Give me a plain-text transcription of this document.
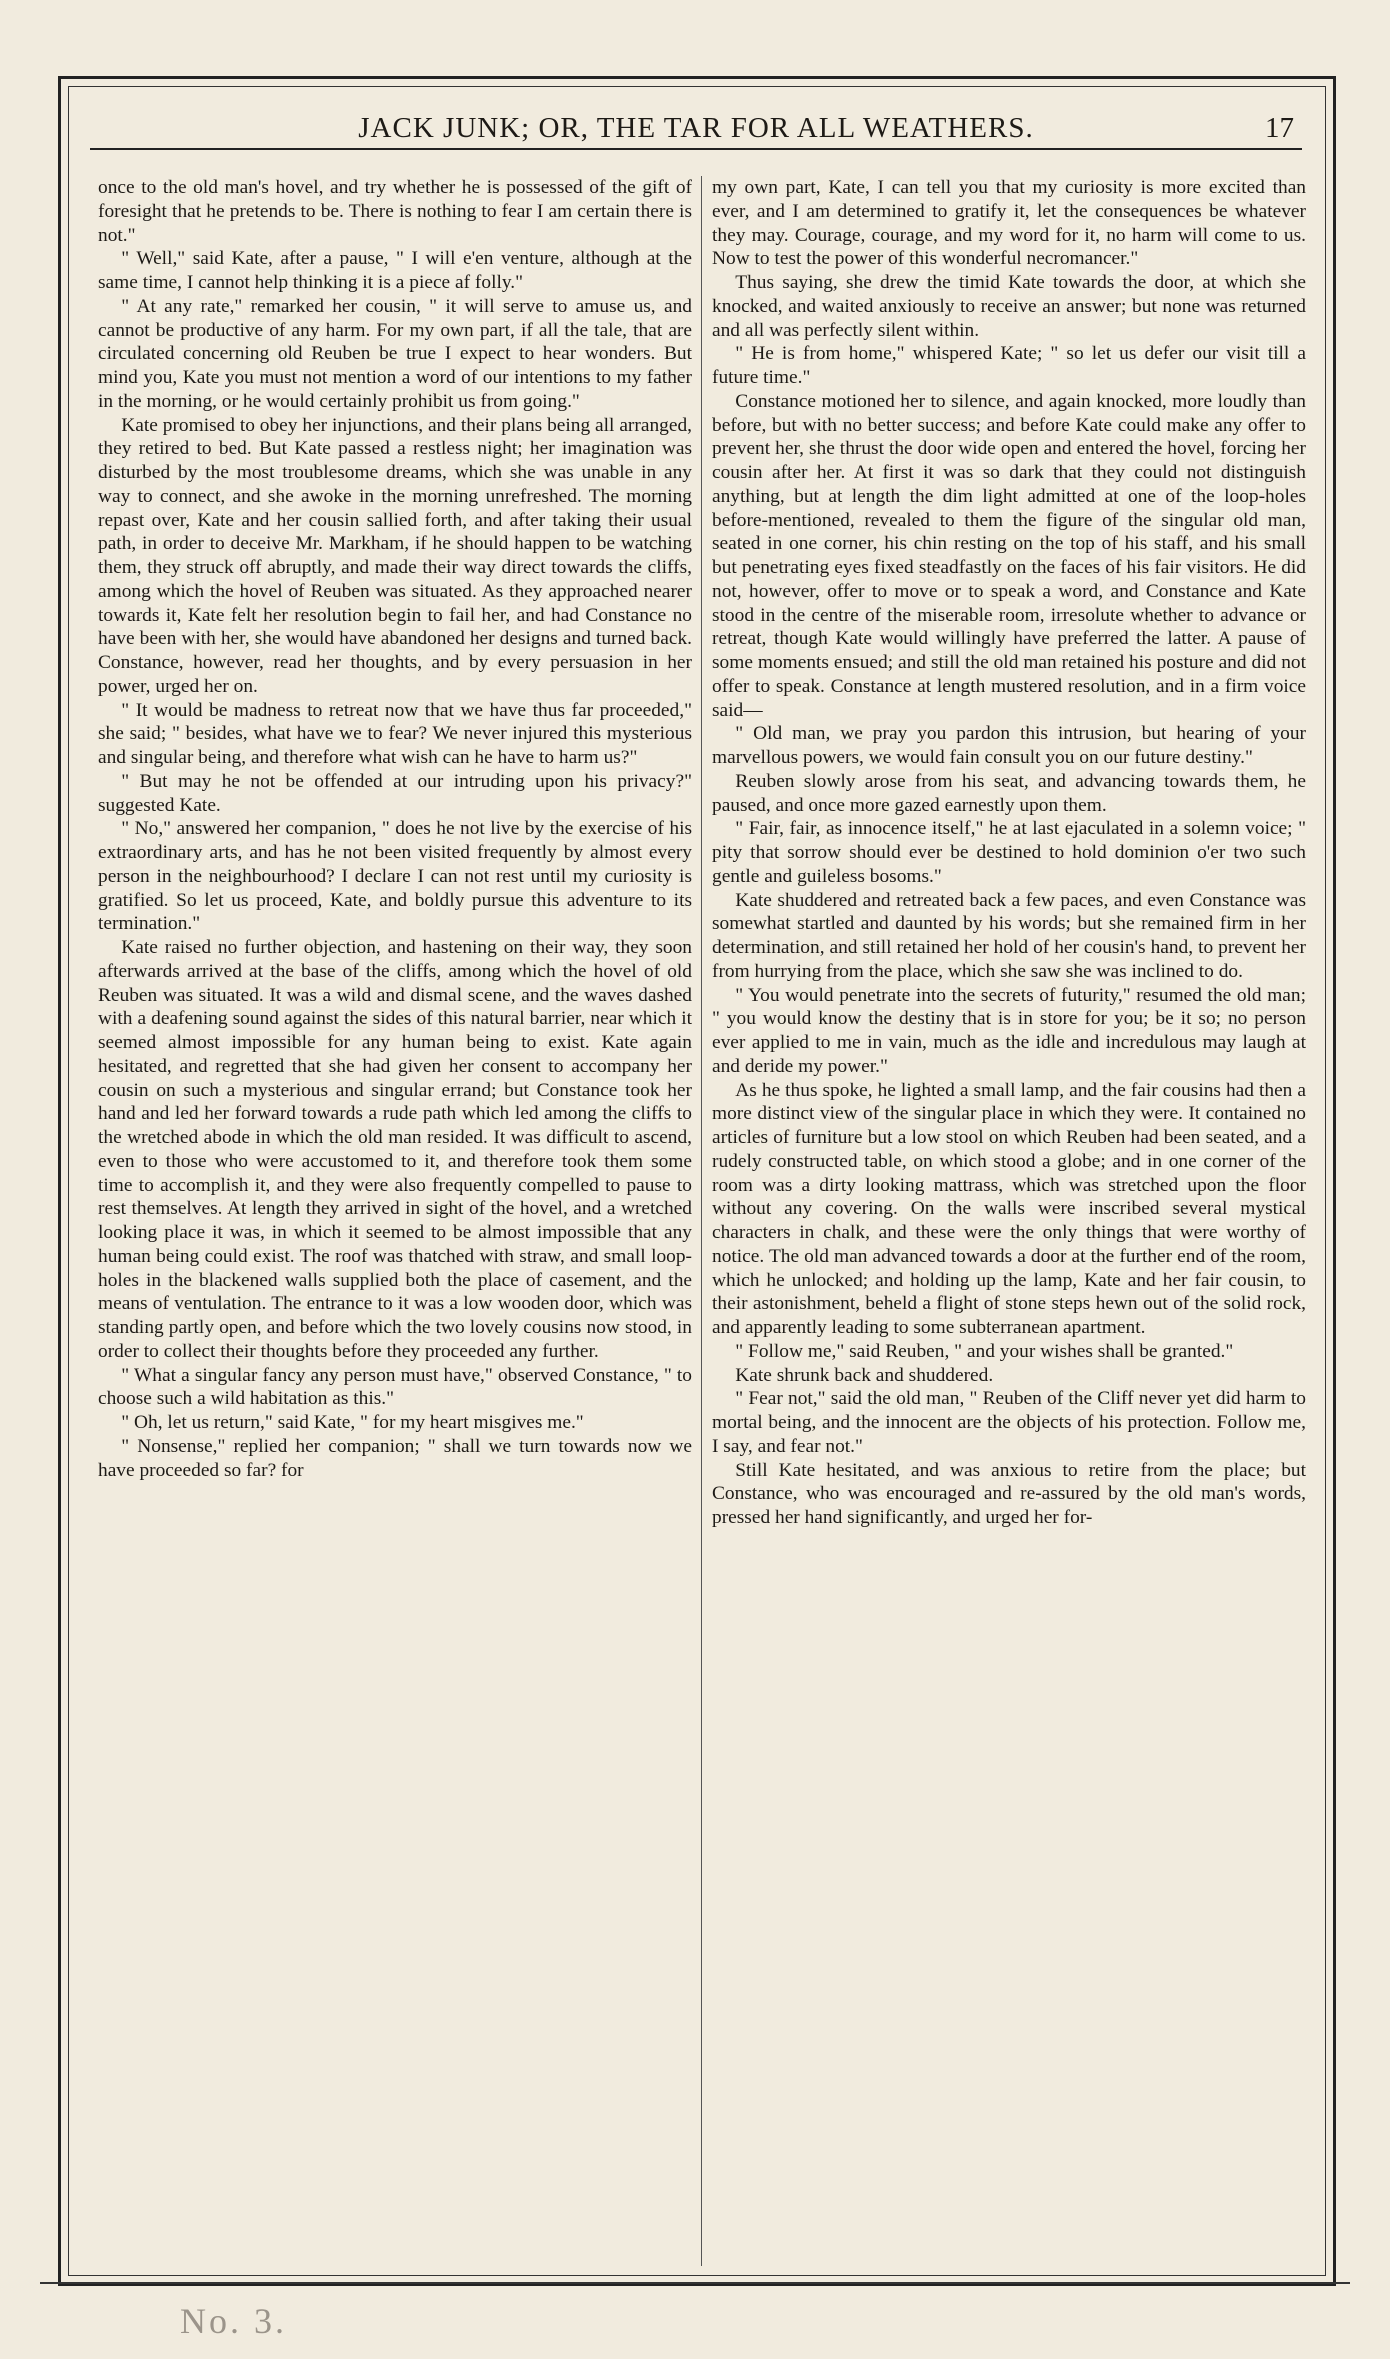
JACK JUNK; OR, THE TAR FOR ALL WEATHERS.	17

once to the old man's hovel, and try whether he is possessed of the gift of foresight that he pretends to be. There is nothing to fear I am certain there is not."

" Well," said Kate, after a pause, " I will e'en venture, although at the same time, I cannot help thinking it is a piece af folly."

" At any rate," remarked her cousin, " it will serve to amuse us, and cannot be productive of any harm. For my own part, if all the tale, that are circulated concerning old Reuben be true I expect to hear wonders. But mind you, Kate you must not mention a word of our intentions to my father in the morning, or he would certainly prohibit us from going."

Kate promised to obey her injunctions, and their plans being all arranged, they retired to bed. But Kate passed a restless night; her imagination was disturbed by the most troublesome dreams, which she was unable in any way to connect, and she awoke in the morning unrefreshed. The morning repast over, Kate and her cousin sallied forth, and after taking their usual path, in order to deceive Mr. Markham, if he should happen to be watching them, they struck off abruptly, and made their way direct towards the cliffs, among which the hovel of Reuben was situated. As they approached nearer towards it, Kate felt her resolution begin to fail her, and had Constance no have been with her, she would have abandoned her designs and turned back. Constance, however, read her thoughts, and by every persuasion in her power, urged her on.

" It would be madness to retreat now that we have thus far proceeded," she said; " besides, what have we to fear? We never injured this mysterious and singular being, and therefore what wish can he have to harm us?"

" But may he not be offended at our intruding upon his privacy?" suggested Kate.

" No," answered her companion, " does he not live by the exercise of his extraordinary arts, and has he not been visited frequently by almost every person in the neighbourhood? I declare I can not rest until my curiosity is gratified. So let us proceed, Kate, and boldly pursue this adventure to its termination."

Kate raised no further objection, and hastening on their way, they soon afterwards arrived at the base of the cliffs, among which the hovel of old Reuben was situated. It was a wild and dismal scene, and the waves dashed with a deafening sound against the sides of this natural barrier, near which it seemed almost impossible for any human being to exist. Kate again hesitated, and regretted that she had given her consent to accompany her cousin on such a mysterious and singular errand; but Constance took her hand and led her forward towards a rude path which led among the cliffs to the wretched abode in which the old man resided. It was difficult to ascend, even to those who were accustomed to it, and therefore took them some time to accomplish it, and they were also frequently compelled to pause to rest themselves. At length they arrived in sight of the hovel, and a wretched looking place it was, in which it seemed to be almost impossible that any human being could exist. The roof was thatched with straw, and small loop-holes in the blackened walls supplied both the place of casement, and the means of ventulation. The entrance to it was a low wooden door, which was standing partly open, and before which the two lovely cousins now stood, in order to collect their thoughts before they proceeded any further.

" What a singular fancy any person must have," observed Constance, " to choose such a wild habitation as this."

" Oh, let us return," said Kate, " for my heart misgives me."

" Nonsense," replied her companion; " shall we turn towards now we have proceeded so far? for

my own part, Kate, I can tell you that my curiosity is more excited than ever, and I am determined to gratify it, let the consequences be whatever they may. Courage, courage, and my word for it, no harm will come to us. Now to test the power of this wonderful necromancer."

Thus saying, she drew the timid Kate towards the door, at which she knocked, and waited anxiously to receive an answer; but none was returned and all was perfectly silent within.

" He is from home," whispered Kate; " so let us defer our visit till a future time."

Constance motioned her to silence, and again knocked, more loudly than before, but with no better success; and before Kate could make any offer to prevent her, she thrust the door wide open and entered the hovel, forcing her cousin after her. At first it was so dark that they could not distinguish anything, but at length the dim light admitted at one of the loop-holes before-mentioned, revealed to them the figure of the singular old man, seated in one corner, his chin resting on the top of his staff, and his small but penetrating eyes fixed steadfastly on the faces of his fair visitors. He did not, however, offer to move or to speak a word, and Constance and Kate stood in the centre of the miserable room, irresolute whether to advance or retreat, though Kate would willingly have preferred the latter. A pause of some moments ensued; and still the old man retained his posture and did not offer to speak. Constance at length mustered resolution, and in a firm voice said—

" Old man, we pray you pardon this intrusion, but hearing of your marvellous powers, we would fain consult you on our future destiny."

Reuben slowly arose from his seat, and advancing towards them, he paused, and once more gazed earnestly upon them.

" Fair, fair, as innocence itself," he at last ejaculated in a solemn voice; " pity that sorrow should ever be destined to hold dominion o'er two such gentle and guileless bosoms."

Kate shuddered and retreated back a few paces, and even Constance was somewhat startled and daunted by his words; but she remained firm in her determination, and still retained her hold of her cousin's hand, to prevent her from hurrying from the place, which she saw she was inclined to do.

" You would penetrate into the secrets of futurity," resumed the old man; " you would know the destiny that is in store for you; be it so; no person ever applied to me in vain, much as the idle and incredulous may laugh at and deride my power."

As he thus spoke, he lighted a small lamp, and the fair cousins had then a more distinct view of the singular place in which they were. It contained no articles of furniture but a low stool on which Reuben had been seated, and a rudely constructed table, on which stood a globe; and in one corner of the room was a dirty looking mattrass, which was stretched upon the floor without any covering. On the walls were inscribed several mystical characters in chalk, and these were the only things that were worthy of notice. The old man advanced towards a door at the further end of the room, which he unlocked; and holding up the lamp, Kate and her fair cousin, to their astonishment, beheld a flight of stone steps hewn out of the solid rock, and apparently leading to some subterranean apartment.

" Follow me," said Reuben, " and your wishes shall be granted."

Kate shrunk back and shuddered.

" Fear not," said the old man, " Reuben of the Cliff never yet did harm to mortal being, and the innocent are the objects of his protection. Follow me, I say, and fear not."

Still Kate hesitated, and was anxious to retire from the place; but Constance, who was encouraged and re-assured by the old man's words, pressed her hand significantly, and urged her for-

No. 3.
